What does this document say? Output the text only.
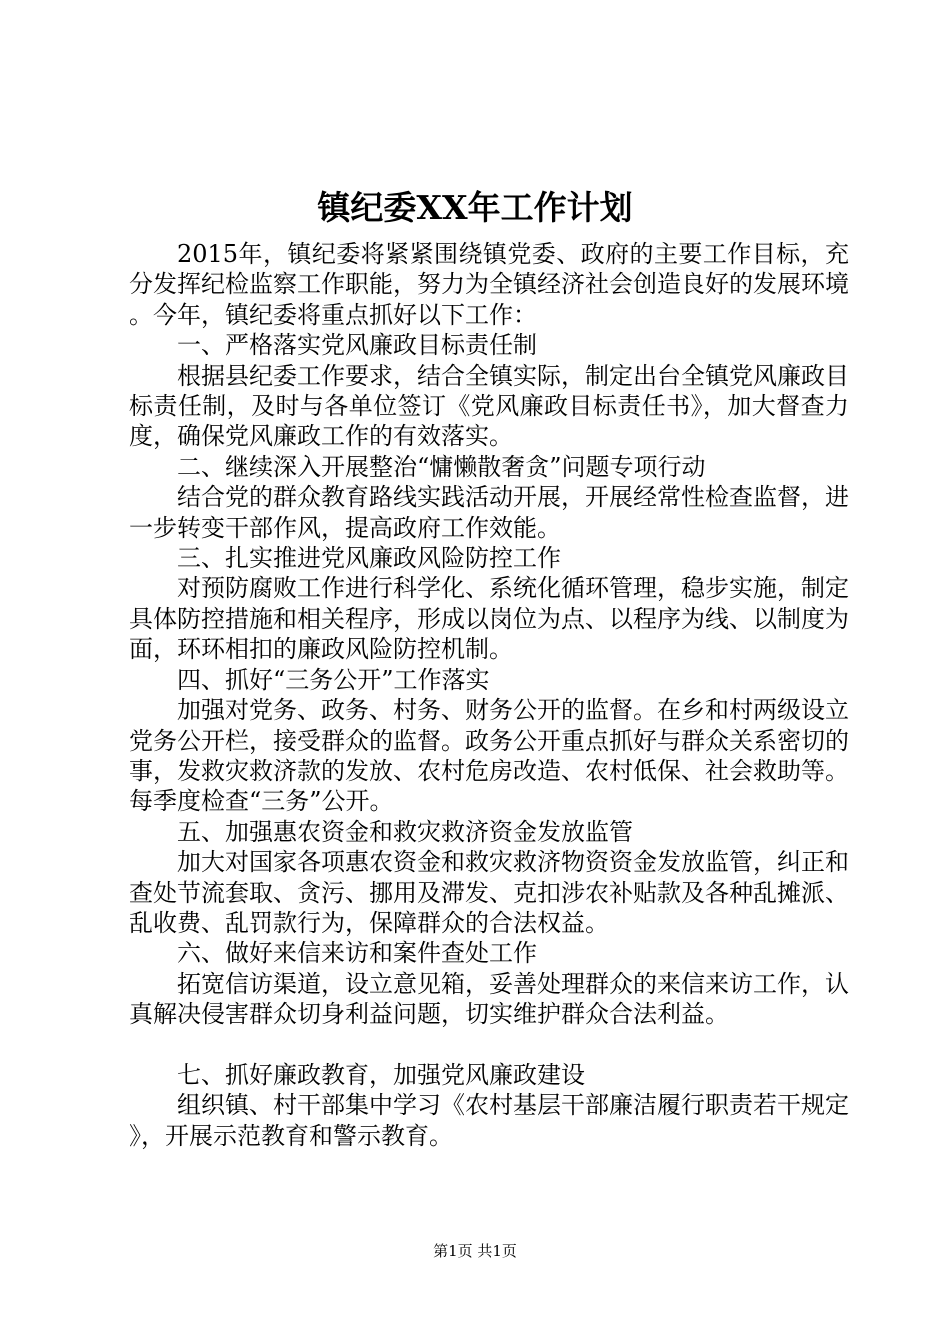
镇纪委XX年工作计划

2015年，镇纪委将紧紧围绕镇党委、政府的主要工作目标，充分发挥纪检监察工作职能，努力为全镇经济社会创造良好的发展环境。今年，镇纪委将重点抓好以下工作：

一、严格落实党风廉政目标责任制

根据县纪委工作要求，结合全镇实际，制定出台全镇党风廉政目标责任制，及时与各单位签订《党风廉政目标责任书》，加大督查力度，确保党风廉政工作的有效落实。

二、继续深入开展整治“慵懒散奢贪”问题专项行动

结合党的群众教育路线实践活动开展，开展经常性检查监督，进一步转变干部作风，提高政府工作效能。

三、扎实推进党风廉政风险防控工作

对预防腐败工作进行科学化、系统化循环管理，稳步实施，制定具体防控措施和相关程序，形成以岗位为点、以程序为线、以制度为面，环环相扣的廉政风险防控机制。

四、抓好“三务公开”工作落实

加强对党务、政务、村务、财务公开的监督。在乡和村两级设立党务公开栏，接受群众的监督。政务公开重点抓好与群众关系密切的事，发救灾救济款的发放、农村危房改造、农村低保、社会救助等。每季度检查“三务”公开。

五、加强惠农资金和救灾救济资金发放监管

加大对国家各项惠农资金和救灾救济物资资金发放监管，纠正和查处节流套取、贪污、挪用及滞发、克扣涉农补贴款及各种乱摊派、乱收费、乱罚款行为，保障群众的合法权益。

六、做好来信来访和案件查处工作

拓宽信访渠道，设立意见箱，妥善处理群众的来信来访工作，认真解决侵害群众切身利益问题，切实维护群众合法利益。

七、抓好廉政教育，加强党风廉政建设

组织镇、村干部集中学习《农村基层干部廉洁履行职责若干规定》，开展示范教育和警示教育。

第1页 共1页
